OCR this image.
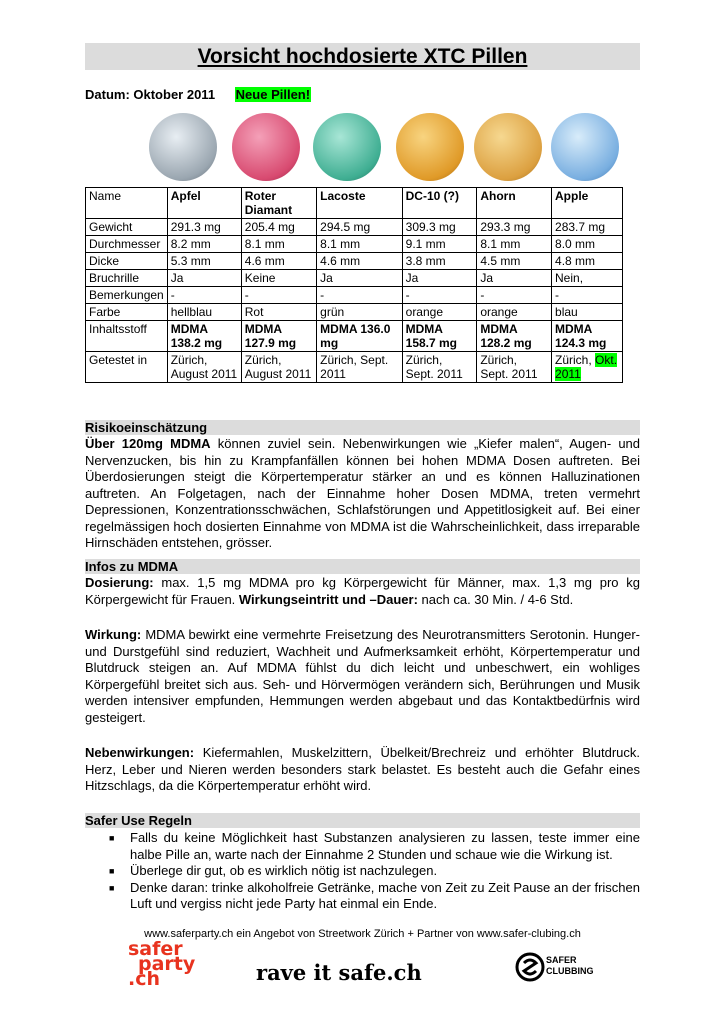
Vorsicht hochdosierte XTC Pillen
Datum: Oktober 2011 Neue Pillen!
Name	Apfel	Roter Diamant	Lacoste	DC-10 (?)	Ahorn	Apple
Gewicht	291.3 mg	205.4 mg	294.5 mg	309.3 mg	293.3 mg	283.7 mg
Durchmesser	8.2 mm	8.1 mm	8.1 mm	9.1 mm	8.1 mm	8.0 mm
Dicke	5.3 mm	4.6 mm	4.6 mm	3.8 mm	4.5 mm	4.8 mm
Bruchrille	Ja	Keine	Ja	Ja	Ja	Nein,
Bemerkungen	-	-	-	-	-	-
Farbe	hellblau	Rot	grün	orange	orange	blau
Inhaltsstoff	MDMA 138.2 mg	MDMA 127.9 mg	MDMA 136.0 mg	MDMA 158.7 mg	MDMA 128.2 mg	MDMA 124.3 mg
Getestet in	Zürich, August 2011	Zürich, August 2011	Zürich, Sept. 2011	Zürich, Sept. 2011	Zürich, Sept. 2011	Zürich, Okt. 2011
Risikoeinschätzung
Über 120mg MDMA können zuviel sein. Nebenwirkungen wie „Kiefer malen“, Augen- und Nervenzucken, bis hin zu Krampfanfällen können bei hohen MDMA Dosen auftreten. Bei Überdosierungen steigt die Körpertemperatur stärker an und es können Halluzinationen auftreten. An Folgetagen, nach der Einnahme hoher Dosen MDMA, treten vermehrt Depressionen, Konzentrationsschwächen, Schlafstörungen und Appetitlosigkeit auf. Bei einer regelmässigen hoch dosierten Einnahme von MDMA ist die Wahrscheinlichkeit, dass irreparable Hirnschäden entstehen, grösser.
Infos zu MDMA
Dosierung: max. 1,5 mg MDMA pro kg Körpergewicht für Männer, max. 1,3 mg pro kg Körpergewicht für Frauen. Wirkungseintritt und –Dauer: nach ca. 30 Min. / 4-6 Std.
Wirkung: MDMA bewirkt eine vermehrte Freisetzung des Neurotransmitters Serotonin. Hunger- und Durstgefühl sind reduziert, Wachheit und Aufmerksamkeit erhöht, Körpertemperatur und Blutdruck steigen an. Auf MDMA fühlst du dich leicht und unbeschwert, ein wohliges Körpergefühl breitet sich aus. Seh- und Hörvermögen verändern sich, Berührungen und Musik werden intensiver empfunden, Hemmungen werden abgebaut und das Kontaktbedürfnis wird gesteigert.
Nebenwirkungen: Kiefermahlen, Muskelzittern, Übelkeit/Brechreiz und erhöhter Blutdruck. Herz, Leber und Nieren werden besonders stark belastet. Es besteht auch die Gefahr eines Hitzschlags, da die Körpertemperatur erhöht wird.
Safer Use Regeln
■ Falls du keine Möglichkeit hast Substanzen analysieren zu lassen, teste immer eine halbe Pille an, warte nach der Einnahme 2 Stunden und schaue wie die Wirkung ist.
■ Überlege dir gut, ob es wirklich nötig ist nachzulegen.
■ Denke daran: trinke alkoholfreie Getränke, mache von Zeit zu Zeit Pause an der frischen Luft und vergiss nicht jede Party hat einmal ein Ende.
www.saferparty.ch ein Angebot von Streetwork Zürich + Partner von www.safer-clubing.ch
safer
party
.ch	rave it safe.ch	SAFER
CLUBBING
